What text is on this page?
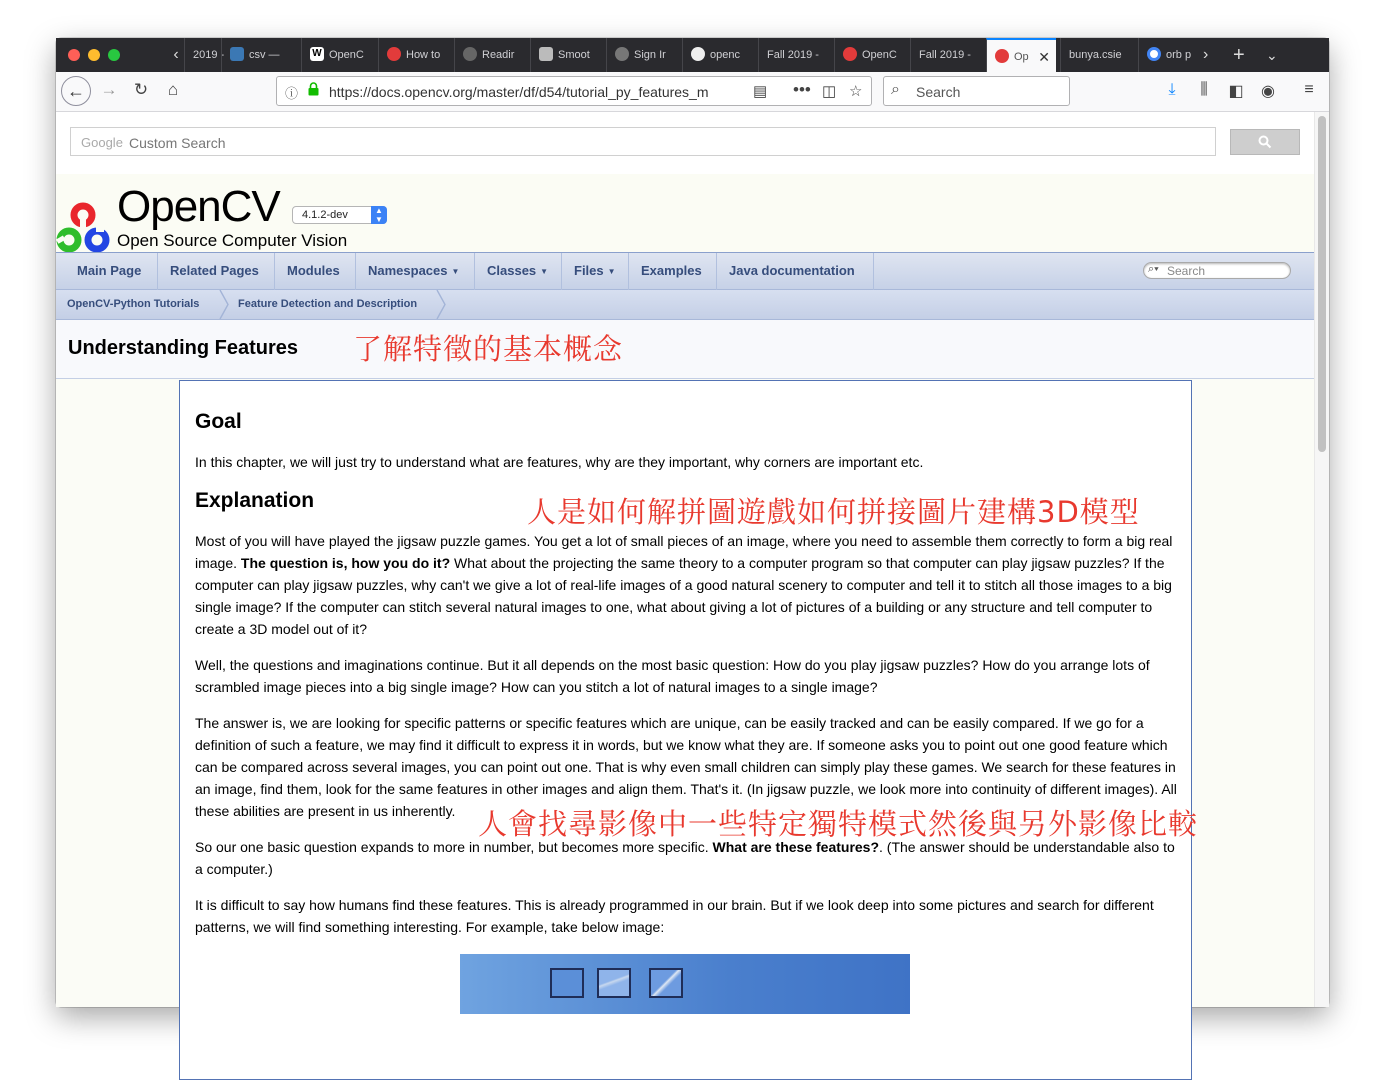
‹	2019 -	csv —	W OpenC	How to	Readir	Smoot	Sign Ir	openc	Fall 2019 -	OpenC	Fall 2019 -	Op ✕	bunya.csie	orb p › + ⌄
← → ↻	⌂	ⓘ https://docs.opencv.org/master/df/d54/tutorial_py_features_m	▤ ••• ◫ ☆ ⌕ Search	⤓	⫼	◧ ◉	≡
Google Custom Search
OpenCV
Open Source Computer Vision
4.1.2-dev	▲
▼
Main Page	Related Pages	Modules	Namespaces ▼	Classes ▼	Files ▼	Examples	Java documentation	⌕▾ Search
OpenCV-Python Tutorials	Feature Detection and Description
Understanding Features 了解特徵的基本概念
Goal

In this chapter, we will just try to understand what are features, why are they important, why corners are important etc.

Explanation

Most of you will have played the jigsaw puzzle games. You get a lot of small pieces of an image, where you need to assemble them correctly to form a big real image. The question is, how you do it? What about the projecting the same theory to a computer program so that computer can play jigsaw puzzles? If the computer can play jigsaw puzzles, why can't we give a lot of real-life images of a good natural scenery to computer and tell it to stitch all those images to a big single image? If the computer can stitch several natural images to one, what about giving a lot of pictures of a building or any structure and tell computer to create a 3D model out of it?

Well, the questions and imaginations continue. But it all depends on the most basic question: How do you play jigsaw puzzles? How do you arrange lots of scrambled image pieces into a big single image? How can you stitch a lot of natural images to a single image?

The answer is, we are looking for specific patterns or specific features which are unique, can be easily tracked and can be easily compared. If we go for a definition of such a feature, we may find it difficult to express it in words, but we know what they are. If someone asks you to point out one good feature which can be compared across several images, you can point out one. That is why even small children can simply play these games. We search for these features in an image, find them, look for the same features in other images and align them. That's it. (In jigsaw puzzle, we look more into continuity of different images). All these abilities are present in us inherently.

So our one basic question expands to more in number, but becomes more specific. What are these features?. (The answer should be understandable also to a computer.)

It is difficult to say how humans find these features. This is already programmed in our brain. But if we look deep into some pictures and search for different patterns, we will find something interesting. For example, take below image:

人是如何解拼圖遊戲如何拼接圖片建構3D模型
人會找尋影像中一些特定獨特模式然後與另外影像比較
